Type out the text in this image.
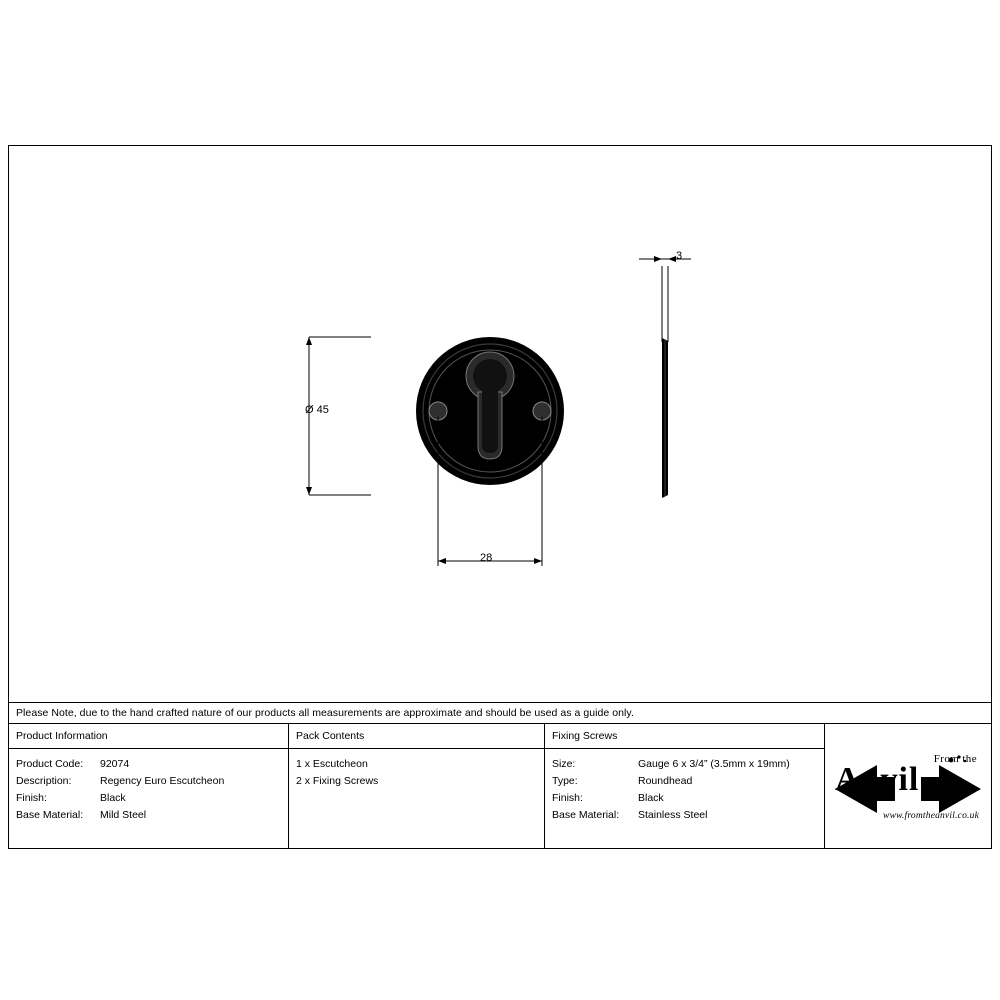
Ø 45
28
3
Please Note, due to the hand crafted nature of our products all measurements are approximate and should be used as a guide only.
Product Information
Product Code:	92074
Description:	Regency Euro Escutcheon
Finish:	Black
Base Material:	Mild Steel
Pack Contents
1 x Escutcheon
2 x Fixing Screws
Fixing Screws
Size:	Gauge 6 x 3/4” (3.5mm x 19mm)
Type:	Roundhead
Finish:	Black
Base Material:	Stainless Steel
From the
Anvil
www.fromtheanvil.co.uk
